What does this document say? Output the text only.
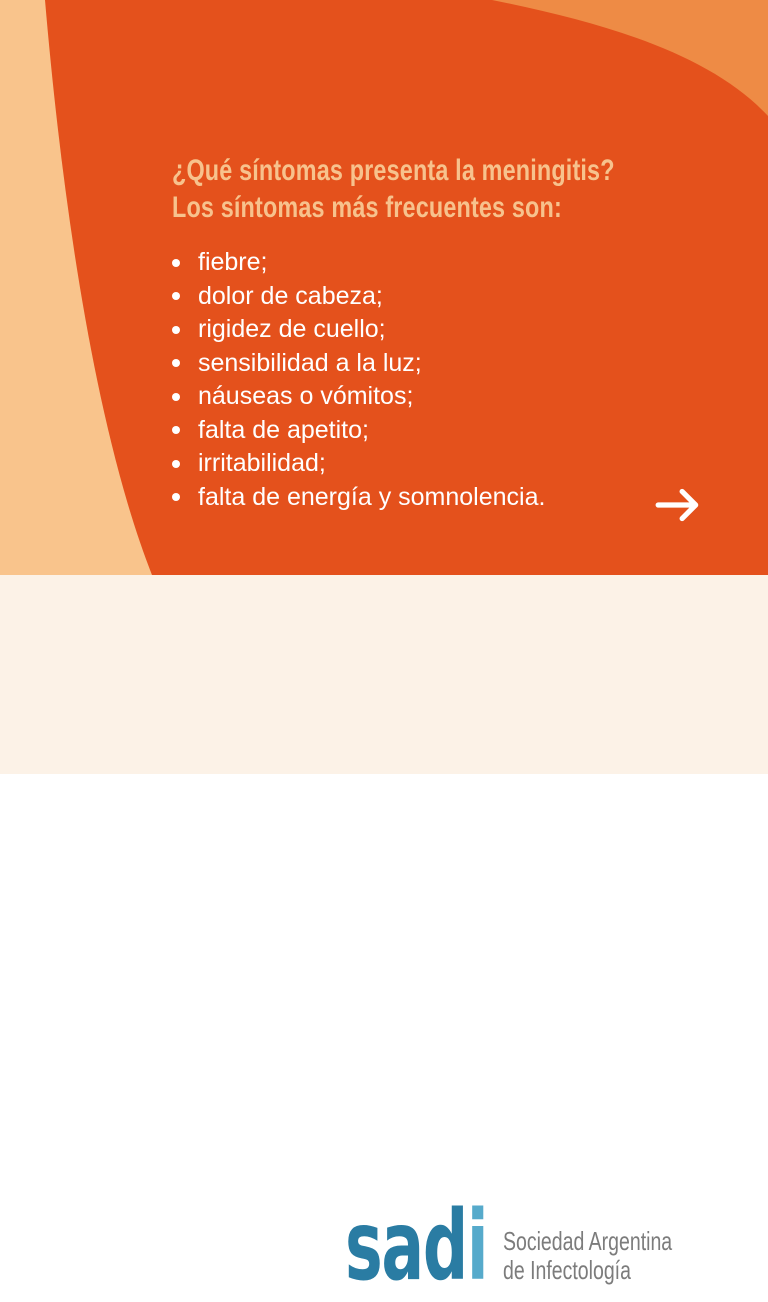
¿Qué síntomas presenta la meningitis?
Los síntomas más frecuentes son:
fiebre;
dolor de cabeza;
rigidez de cuello;
sensibilidad a la luz;
náuseas o vómitos;
falta de apetito;
irritabilidad;
falta de energía y somnolencia.
sadi Sociedad Argentina
de Infectología
